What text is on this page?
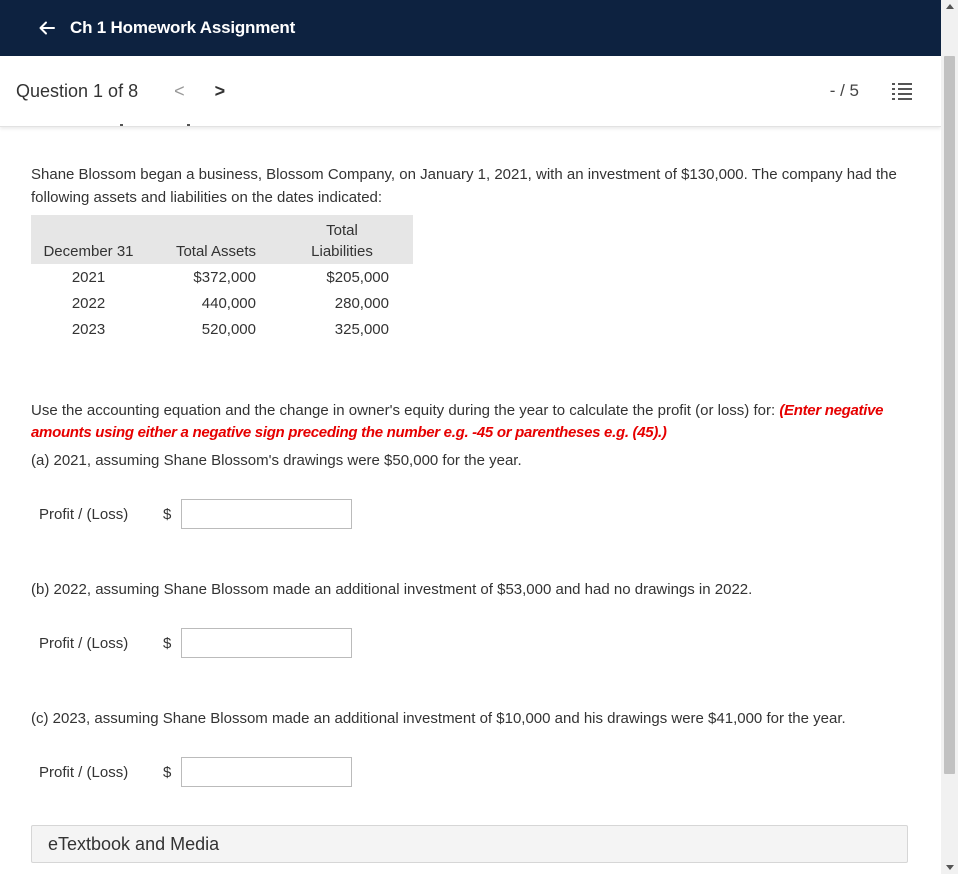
Ch 1 Homework Assignment
Question 1 of 8 < >	- / 5

Shane Blossom began a business, Blossom Company, on January 1, 2021, with an investment of $130,000. The company had the following assets and liabilities on the dates indicated:

December 31	Total Assets	Total
Liabilities

2021	$372,000	$205,000
2022	440,000	280,000
2023	520,000	325,000

Use the accounting equation and the change in owner's equity during the year to calculate the profit (or loss) for: (Enter negative amounts using either a negative sign preceding the number e.g. -45 or parentheses e.g. (45).)

(a) 2021, assuming Shane Blossom's drawings were $50,000 for the year.
Profit / (Loss)	$
(b) 2022, assuming Shane Blossom made an additional investment of $53,000 and had no drawings in 2022.
Profit / (Loss)	$
(c) 2023, assuming Shane Blossom made an additional investment of $10,000 and his drawings were $41,000 for the year.
Profit / (Loss)	$
eTextbook and Media
